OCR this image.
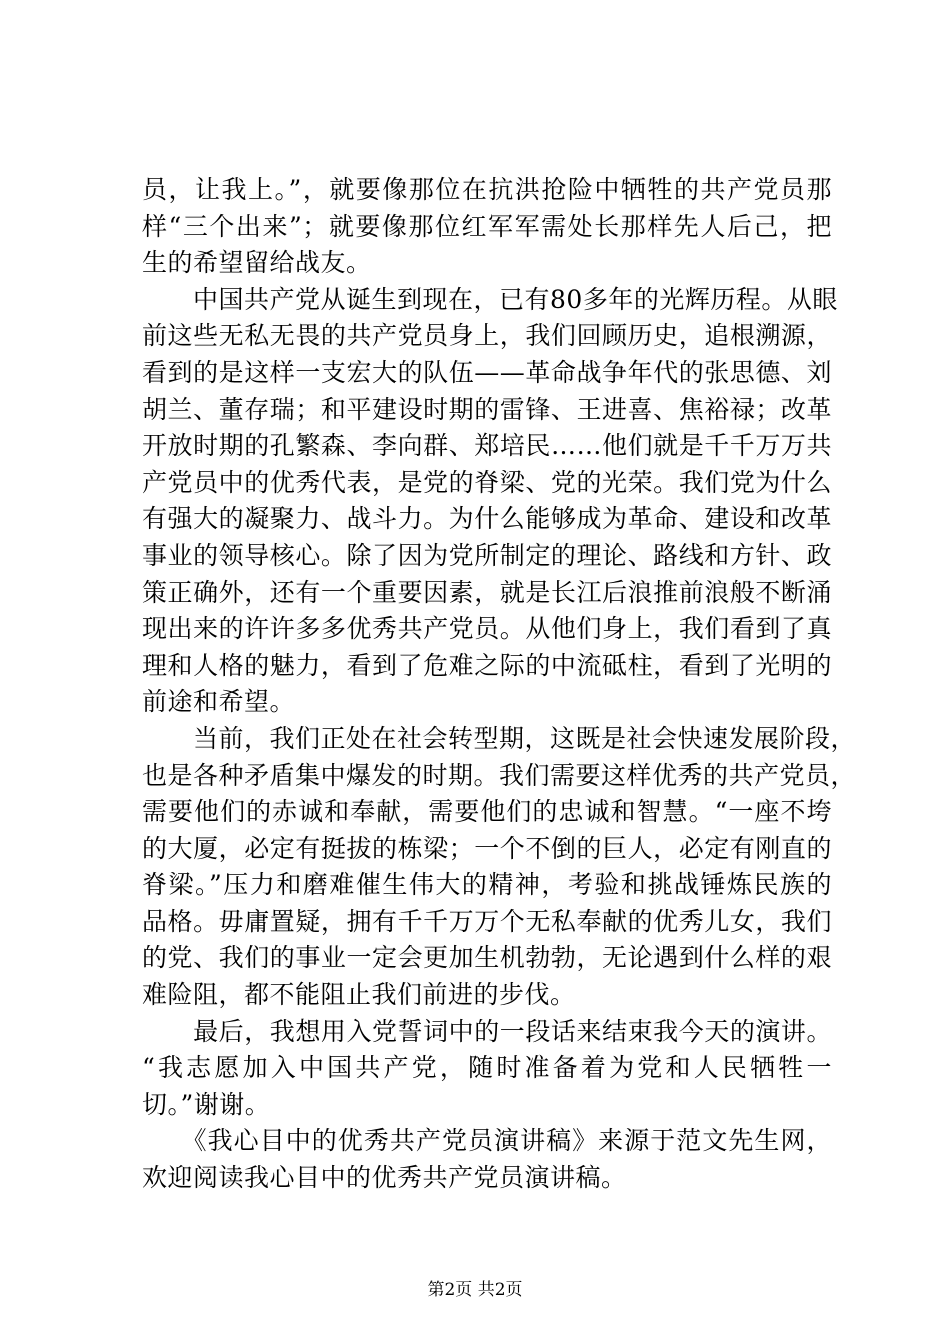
员，让我上。”，就要像那位在抗洪抢险中牺牲的共产党员那
样“三个出来”；就要像那位红军军需处长那样先人后己，把
生的希望留给战友。
　　中国共产党从诞生到现在，已有80多年的光辉历程。从眼
前这些无私无畏的共产党员身上，我们回顾历史，追根溯源，
看到的是这样一支宏大的队伍——革命战争年代的张思德、刘
胡兰、董存瑞；和平建设时期的雷锋、王进喜、焦裕禄；改革
开放时期的孔繁森、李向群、郑培民……他们就是千千万万共
产党员中的优秀代表，是党的脊梁、党的光荣。我们党为什么
有强大的凝聚力、战斗力。为什么能够成为革命、建设和改革
事业的领导核心。除了因为党所制定的理论、路线和方针、政
策正确外，还有一个重要因素，就是长江后浪推前浪般不断涌
现出来的许许多多优秀共产党员。从他们身上，我们看到了真
理和人格的魅力，看到了危难之际的中流砥柱，看到了光明的
前途和希望。
　　当前，我们正处在社会转型期，这既是社会快速发展阶段，
也是各种矛盾集中爆发的时期。我们需要这样优秀的共产党员，
需要他们的赤诚和奉献，需要他们的忠诚和智慧。“一座不垮
的大厦，必定有挺拔的栋梁；一个不倒的巨人，必定有刚直的
脊梁。”压力和磨难催生伟大的精神，考验和挑战锤炼民族的
品格。毋庸置疑，拥有千千万万个无私奉献的优秀儿女，我们
的党、我们的事业一定会更加生机勃勃，无论遇到什么样的艰
难险阻，都不能阻止我们前进的步伐。
　　最后，我想用入党誓词中的一段话来结束我今天的演讲。
“我志愿加入中国共产党，随时准备着为党和人民牺牲一
切。”谢谢。
　　《我心目中的优秀共产党员演讲稿》来源于范文先生网，
欢迎阅读我心目中的优秀共产党员演讲稿。
第2页 共2页
